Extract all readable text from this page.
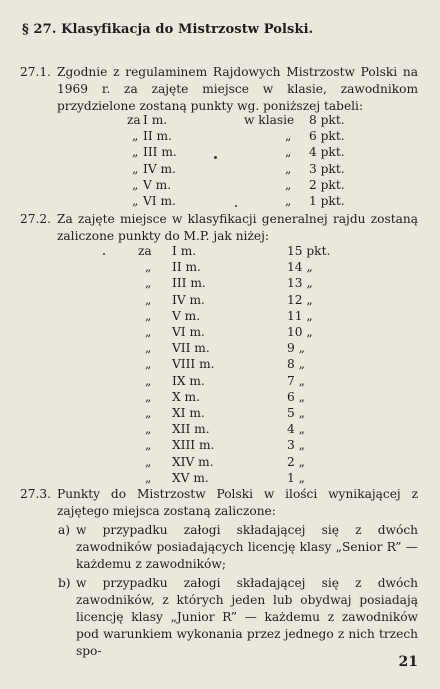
§ 27. Klasyfikacja do Mistrzostw Polski.
27.1. Zgodnie z regulaminem Rajdowych Mistrzostw Polski na 1969 r. za zajęte miejsce w klasie, zawodnikom przydzielone zostaną punkty wg. poniższej tabeli:
za I m.	w klasie 8 pkt.
„ II m.	„ 6 pkt.
„ III m.	„ 4 pkt.
„ IV m.	„ 3 pkt.
„ V m.	„ 2 pkt.
„ VI m.	„ 1 pkt.
27.2. Za zajęte miejsce w klasyfikacji generalnej rajdu zostaną zaliczone punkty do M.P. jak niżej:
za I m.	15 pkt.
„ II m.	14 „
„ III m.	13 „
„ IV m.	12 „
„ V m.	11 „
„ VI m.	10 „
„ VII m.	9 „
„ VIII m.	8 „
„ IX m.	7 „
„ X m.	6 „
„ XI m.	5 „
„ XII m.	4 „
„ XIII m.	3 „
„ XIV m.	2 „
„ XV m.	1 „
27.3. Punkty do Mistrzostw Polski w ilości wynikającej z zajętego miejsca zostaną zaliczone:
a) w przypadku załogi składającej się z dwóch zawodników posiadających licencję klasy „Senior R” — każdemu z zawodników;
b) w przypadku załogi składającej się z dwóch zawodników, z których jeden lub obydwaj posiadają licencję klasy „Junior R” — każdemu z zawodników pod warunkiem wykonania przez jednego z nich trzech spo-
21
